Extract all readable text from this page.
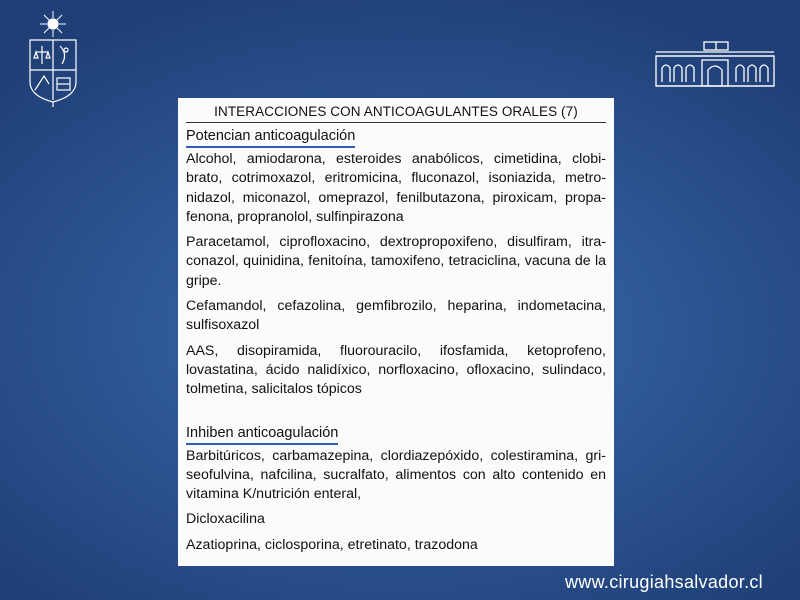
INTERACCIONES CON ANTICOAGULANTES ORALES (7)
Potencian anticoagulación

Alcohol, amiodarona, esteroides anabólicos, cimetidina, clobi-brato, cotrimoxazol, eritromicina, fluconazol, isoniazida, metro-nidazol, miconazol, omeprazol, fenilbutazona, piroxicam, propa-fenona, propranolol, sulfinpirazona

Paracetamol, ciprofloxacino, dextropropoxifeno, disulfiram, itra-conazol, quinidina, fenitoína, tamoxifeno, tetraciclina, vacuna de la gripe.

Cefamandol, cefazolina, gemfibrozilo, heparina, indometacina, sulfisoxazol

AAS, disopiramida, fluorouracilo, ifosfamida, ketoprofeno, lovastatina, ácido nalidíxico, norfloxacino, ofloxacino, sulindaco, tolmetina, salicitalos tópicos

Inhiben anticoagulación

Barbitúricos, carbamazepina, clordiazepóxido, colestiramina, gri-seofulvina, nafcilina, sucralfato, alimentos con alto contenido en vitamina K/nutrición enteral,

Dicloxacilina

Azatioprina, ciclosporina, etretinato, trazodona

www.cirugiahsalvador.cl
